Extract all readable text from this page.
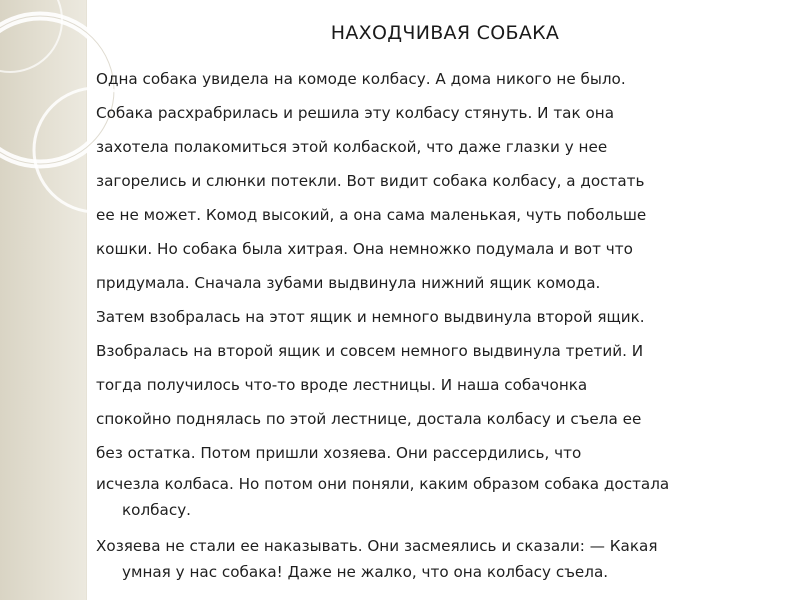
НАХОДЧИВАЯ СОБАКА
Одна собака увидела на комоде колбасу. А дома никого не было.
Собака расхрабрилась и решила эту колбасу стянуть. И так она
захотела полакомиться этой колбаской, что даже глазки у нее
загорелись и слюнки потекли. Вот видит собака колбасу, а достать
ее не может. Комод высокий, а она сама маленькая, чуть побольше
кошки. Но собака была хитрая. Она немножко подумала и вот что
придумала. Сначала зубами выдвинула нижний ящик комода.
Затем взобралась на этот ящик и немного выдвинула второй ящик.
Взобралась на второй ящик и совсем немного выдвинула третий. И
тогда получилось что-то вроде лестницы. И наша собачонка
спокойно поднялась по этой лестнице, достала колбасу и съела ее
без остатка. Потом пришли хозяева. Они рассердились, что
исчезла колбаса. Но потом они поняли, каким образом собака достала
колбасу.
Хозяева не стали ее наказывать. Они засмеялись и сказали: — Какая
умная у нас собака! Даже не жалко, что она колбасу съела.
